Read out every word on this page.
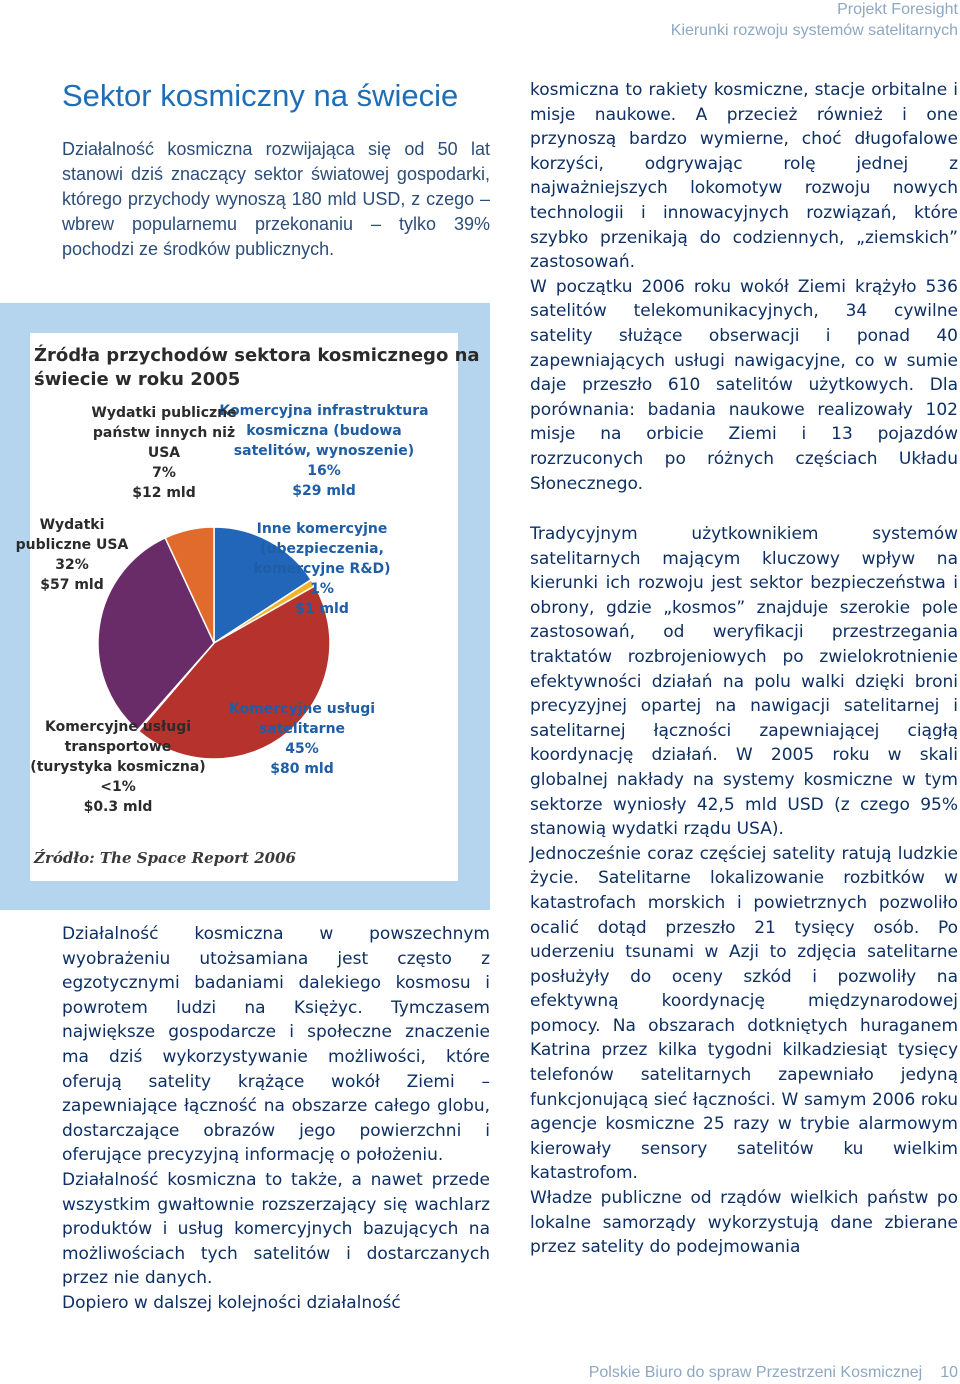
Projekt Foresight
Kierunki rozwoju systemów satelitarnych
Sektor kosmiczny na świecie

Działalność kosmiczna rozwijająca się od 50 lat stanowi dziś znaczący sektor światowej gospodarki, którego przychody wynoszą 180 mld USD, z czego – wbrew popularnemu przekonaniu – tylko 39% pochodzi ze środków publicznych.

Źródła przychodów sektora kosmicznego na
świecie w roku 2005
Komercyjna infrastruktura kosmiczna (budowa satelitów, wynoszenie) 16% $29 mld
Inne komercyjne (ubezpieczenia, komercyjne R&D) 1% $1 mld
Komercyjne usługi satelitarne 45% $80 mld
Komercyjne usługi transportowe (turystyka kosmiczna) <1% $0.3 mld
Wydatki publiczne USA 32% $57 mld
Wydatki publiczne państw innych niż USA 7% $12 mld
Źródło: The Space Report 2006

Działalność kosmiczna w powszechnym wyobrażeniu utożsamiana jest często z egzotycznymi badaniami dalekiego kosmosu i powrotem ludzi na Księżyc. Tymczasem największe gospodarcze i społeczne znaczenie ma dziś wykorzystywanie możliwości, które oferują satelity krążące wokół Ziemi – zapewniające łączność na obszarze całego globu, dostarczające obrazów jego powierzchni i oferujące precyzyjną informację o położeniu.

Działalność kosmiczna to także, a nawet przede wszystkim gwałtownie rozszerzający się wachlarz produktów i usług komercyjnych bazujących na możliwościach tych satelitów i dostarczanych przez nie danych.

Dopiero w dalszej kolejności działalność

kosmiczna to rakiety kosmiczne, stacje orbitalne i misje naukowe. A przecież również i one przynoszą bardzo wymierne, choć długofalowe korzyści, odgrywając rolę jednej z najważniejszych lokomotyw rozwoju nowych technologii i innowacyjnych rozwiązań, które szybko przenikają do codziennych, „ziemskich” zastosowań.

W początku 2006 roku wokół Ziemi krążyło 536 satelitów telekomunikacyjnych, 34 cywilne satelity służące obserwacji i ponad 40 zapewniających usługi nawigacyjne, co w sumie daje przeszło 610 satelitów użytkowych. Dla porównania: badania naukowe realizowały 102 misje na orbicie Ziemi i 13 pojazdów rozrzuconych po różnych częściach Układu Słonecznego.

Tradycyjnym użytkownikiem systemów satelitarnych mającym kluczowy wpływ na kierunki ich rozwoju jest sektor bezpieczeństwa i obrony, gdzie „kosmos” znajduje szerokie pole zastosowań, od weryfikacji przestrzegania traktatów rozbrojeniowych po zwielokrotnienie efektywności działań na polu walki dzięki broni precyzyjnej opartej na nawigacji satelitarnej i satelitarnej łączności zapewniającej ciągłą koordynację działań. W 2005 roku w skali globalnej nakłady na systemy kosmiczne w tym sektorze wyniosły 42,5 mld USD (z czego 95% stanowią wydatki rządu USA).

Jednocześnie coraz częściej satelity ratują ludzkie życie. Satelitarne lokalizowanie rozbitków w katastrofach morskich i powietrznych pozwoliło ocalić dotąd przeszło 21 tysięcy osób. Po uderzeniu tsunami w Azji to zdjęcia satelitarne posłużyły do oceny szkód i pozwoliły na efektywną koordynację międzynarodowej pomocy. Na obszarach dotkniętych huraganem Katrina przez kilka tygodni kilkadziesiąt tysięcy telefonów satelitarnych zapewniało jedyną funkcjonującą sieć łączności. W samym 2006 roku agencje kosmiczne 25 razy w trybie alarmowym kierowały sensory satelitów ku wielkim katastrofom.

Władze publiczne od rządów wielkich państw po lokalne samorządy wykorzystują dane zbierane przez satelity do podejmowania

Polskie Biuro do spraw Przestrzeni Kosmicznej 10
